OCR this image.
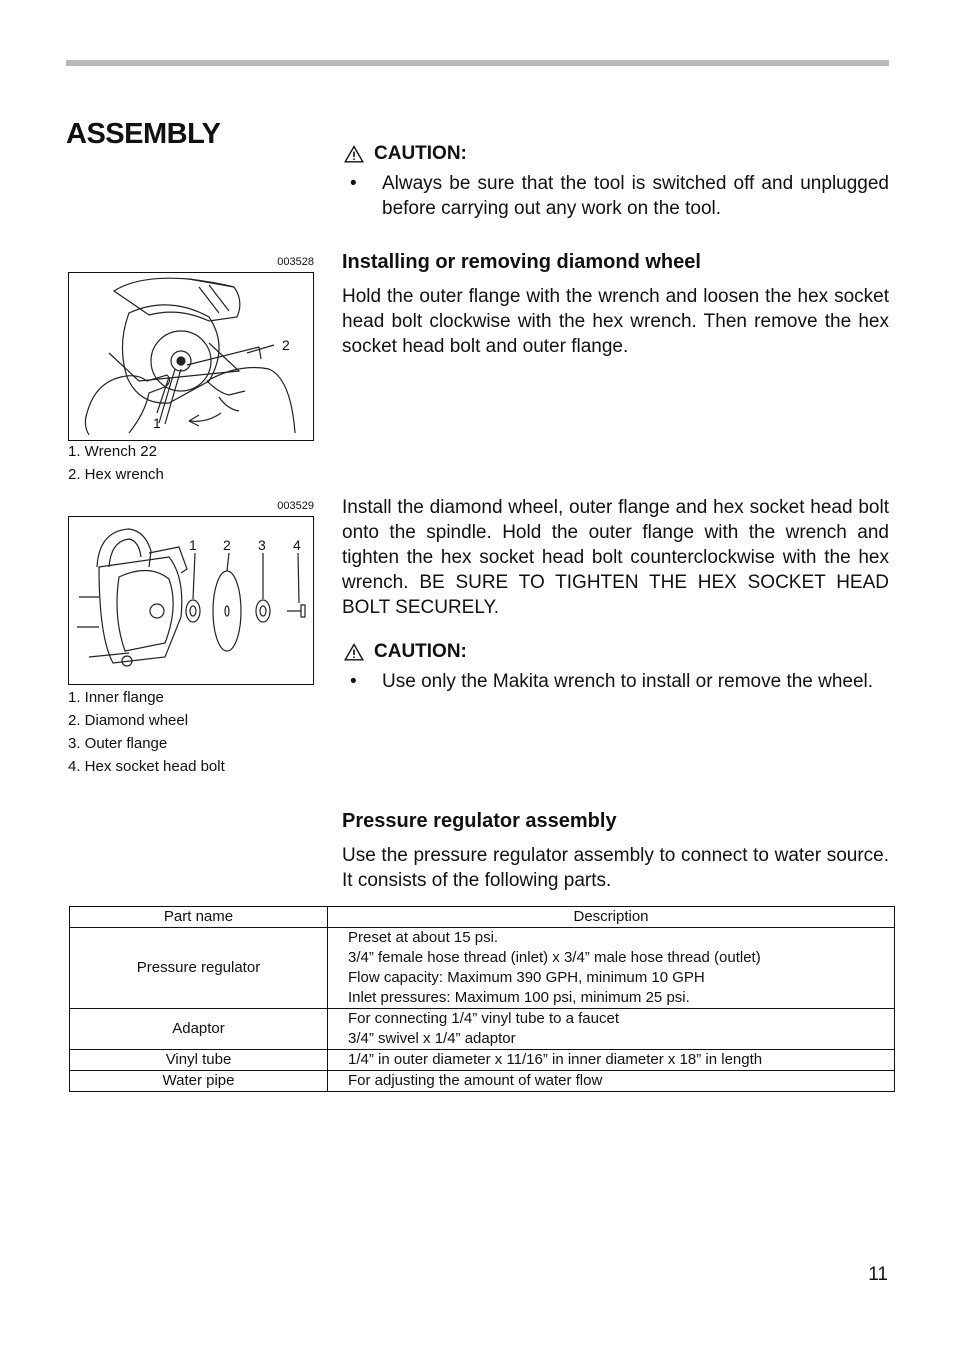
ASSEMBLY
CAUTION:
•	Always be sure that the tool is switched off and unplugged before carrying out any work on the tool.
003528
1
2
1. Wrench 22
2. Hex wrench
Installing or removing diamond wheel
Hold the outer flange with the wrench and loosen the hex socket head bolt clockwise with the hex wrench. Then remove the hex socket head bolt and outer flange.
Install the diamond wheel, outer flange and hex socket head bolt onto the spindle. Hold the outer flange with the wrench and tighten the hex socket head bolt counterclockwise with the hex wrench. BE SURE TO TIGHTEN THE HEX SOCKET HEAD BOLT SECURELY.
003529
1 2 3 4
1. Inner flange
2. Diamond wheel
3. Outer flange
4. Hex socket head bolt
CAUTION:
•	Use only the Makita wrench to install or remove the wheel.
Pressure regulator assembly
Use the pressure regulator assembly to connect to water source. It consists of the following parts.
Part name	Description
Pressure regulator	Preset at about 15 psi.
3/4” female hose thread (inlet) x 3/4” male hose thread (outlet)
Flow capacity: Maximum 390 GPH, minimum 10 GPH
Inlet pressures: Maximum 100 psi, minimum 25 psi.

Adaptor	For connecting 1/4” vinyl tube to a faucet
3/4” swivel x 1/4” adaptor

Vinyl tube	1/4” in outer diameter x 11/16” in inner diameter x 18” in length

Water pipe	For adjusting the amount of water flow
11
